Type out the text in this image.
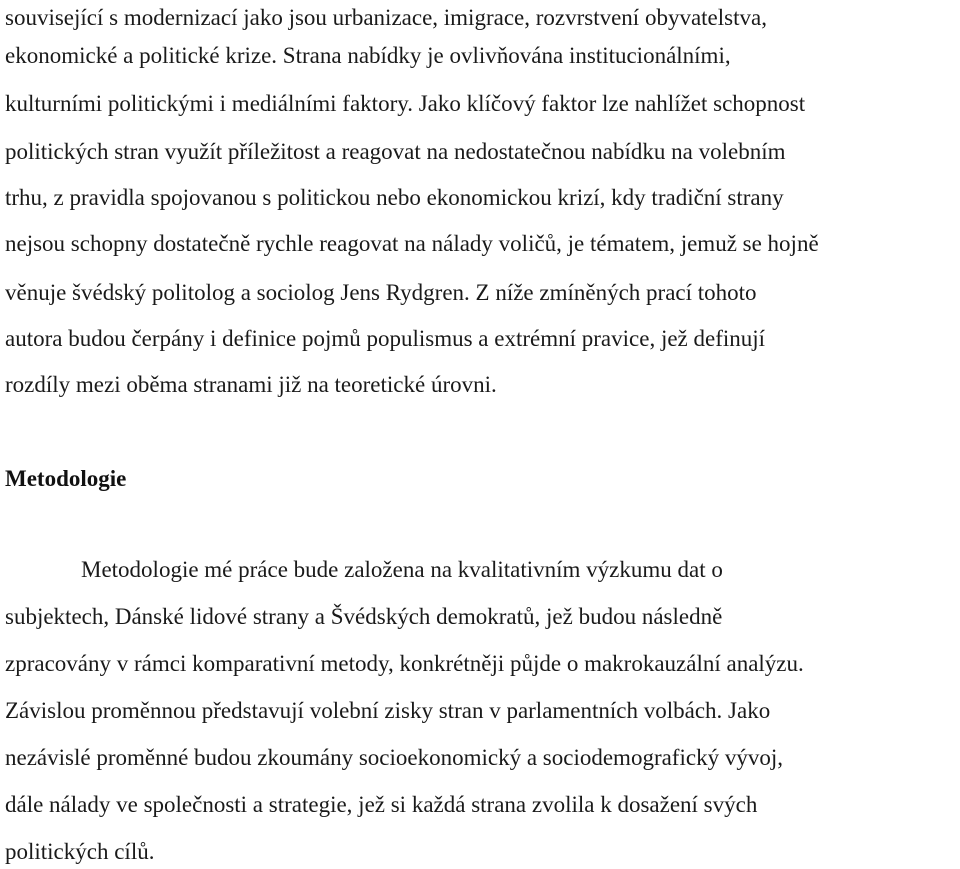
související s modernizací jako jsou urbanizace, imigrace, rozvrstvení obyvatelstva,
ekonomické a politické krize. Strana nabídky je ovlivňována institucionálními,
kulturními politickými i mediálními faktory. Jako klíčový faktor lze nahlížet schopnost
politických stran využít příležitost a reagovat na nedostatečnou nabídku na volebním
trhu, z pravidla spojovanou s politickou nebo ekonomickou krizí, kdy tradiční strany
nejsou schopny dostatečně rychle reagovat na nálady voličů, je tématem, jemuž se hojně
věnuje švédský politolog a sociolog Jens Rydgren. Z níže zmíněných prací tohoto
autora budou čerpány i definice pojmů populismus a extrémní pravice, jež definují
rozdíly mezi oběma stranami již na teoretické úrovni.
Metodologie
Metodologie mé práce bude založena na kvalitativním výzkumu dat o
subjektech, Dánské lidové strany a Švédských demokratů, jež budou následně
zpracovány v rámci komparativní metody, konkrétněji půjde o makrokauzální analýzu.
Závislou proměnnou představují volební zisky stran v parlamentních volbách. Jako
nezávislé proměnné budou zkoumány socioekonomický a sociodemografický vývoj,
dále nálady ve společnosti a strategie, jež si každá strana zvolila k dosažení svých
politických cílů.
